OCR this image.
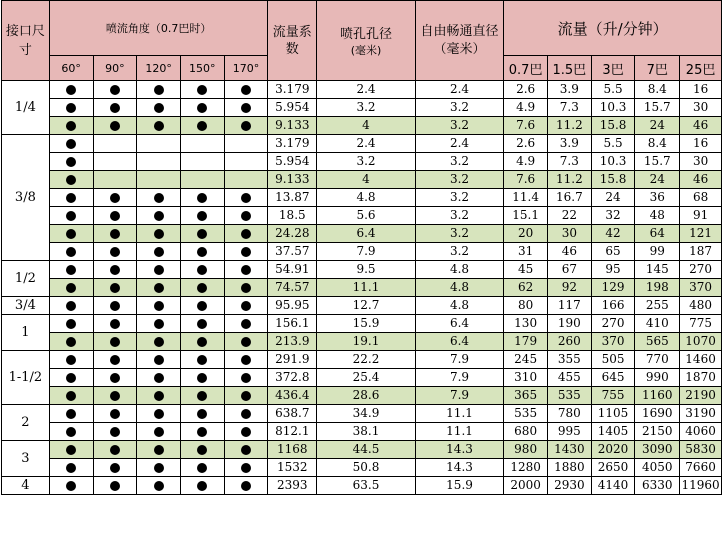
接口尺寸	喷流角度（0.7巴时）					流量系数	喷孔孔径
(毫米)	自由畅通直径（毫米）	流量（升/分钟）				
	60°	90°	120°	150°	170°				0.7巴	1.5巴	3巴	7巴	25巴
1/4						3.179	2.4	2.4	2.6	3.9	5.5	8.4	16
						5.954	3.2	3.2	4.9	7.3	10.3	15.7	30
						9.133	4	3.2	7.6	11.2	15.8	24	46
3/8						3.179	2.4	2.4	2.6	3.9	5.5	8.4	16
						5.954	3.2	3.2	4.9	7.3	10.3	15.7	30
						9.133	4	3.2	7.6	11.2	15.8	24	46
						13.87	4.8	3.2	11.4	16.7	24	36	68
						18.5	5.6	3.2	15.1	22	32	48	91
						24.28	6.4	3.2	20	30	42	64	121
						37.57	7.9	3.2	31	46	65	99	187
1/2						54.91	9.5	4.8	45	67	95	145	270
						74.57	11.1	4.8	62	92	129	198	370
3/4						95.95	12.7	4.8	80	117	166	255	480
1						156.1	15.9	6.4	130	190	270	410	775
						213.9	19.1	6.4	179	260	370	565	1070
1-1/2						291.9	22.2	7.9	245	355	505	770	1460
						372.8	25.4	7.9	310	455	645	990	1870
						436.4	28.6	7.9	365	535	755	1160	2190
2						638.7	34.9	11.1	535	780	1105	1690	3190
						812.1	38.1	11.1	680	995	1405	2150	4060
3						1168	44.5	14.3	980	1430	2020	3090	5830
						1532	50.8	14.3	1280	1880	2650	4050	7660
4						2393	63.5	15.9	2000	2930	4140	6330	11960
